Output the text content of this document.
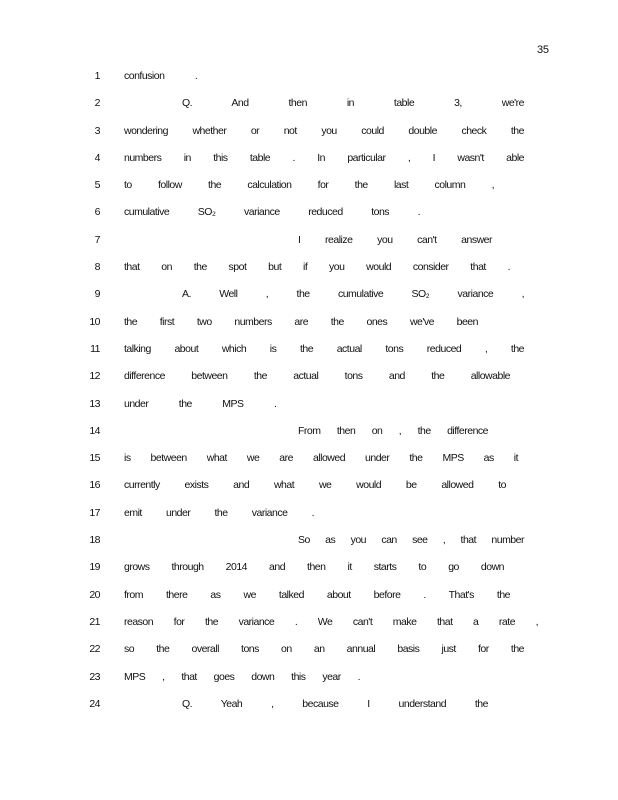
35
1 confusion .
2	Q. And then in table 3, we're
3 wondering whether or not you could double check the
4 numbers in this table . In particular , I wasn't able
5 to follow the calculation for the last column ,
6 cumulative SO₂ variance reduced tons .
7	I realize you can't answer
8 that on the spot but if you would consider that .
9	A. Well , the cumulative SO₂ variance ,
10 the first two numbers are the ones we've been
11 talking about which is the actual tons reduced , the
12 difference between the actual tons and the allowable
13 under the MPS .
14	From then on , the difference
15 is between what we are allowed under the MPS as it
16 currently exists and what we would be allowed to
17 emit under the variance .
18	So as you can see , that number
19 grows through 2014 and then it starts to go down
20 from there as we talked about before . That's the
21 reason for the variance . We can't make that a rate ,
22 so the overall tons on an annual basis just for the
23 MPS , that goes down this year .
24	Q. Yeah , because I understand the
